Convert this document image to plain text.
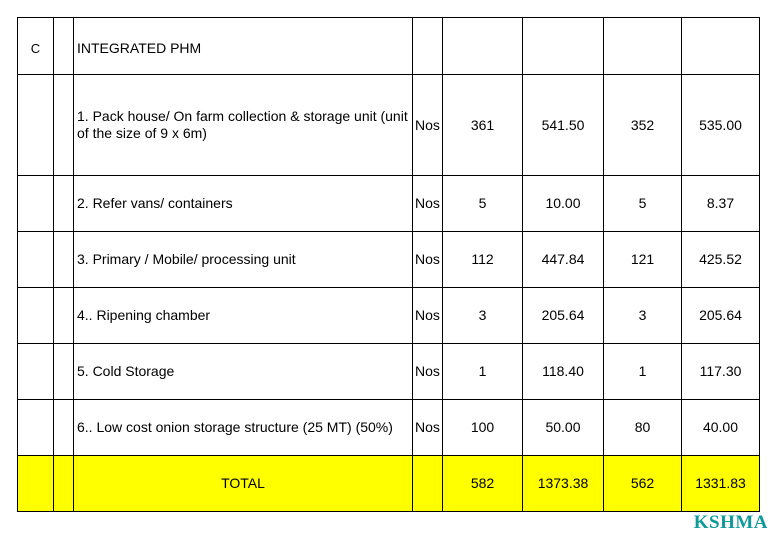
C		INTEGRATED PHM					
		1. Pack house/ On farm collection & storage unit (unit of the size of 9 x 6m)	Nos	361	541.50	352	535.00
		2. Refer vans/ containers	Nos	5	10.00	5	8.37
		3. Primary / Mobile/ processing unit	Nos	112	447.84	121	425.52
		4.. Ripening chamber	Nos	3	205.64	3	205.64
		5. Cold Storage	Nos	1	118.40	1	117.30
		6.. Low cost onion storage structure (25 MT) (50%)	Nos	100	50.00	80	40.00
		TOTAL		582	1373.38	562	1331.83
KSHMA
